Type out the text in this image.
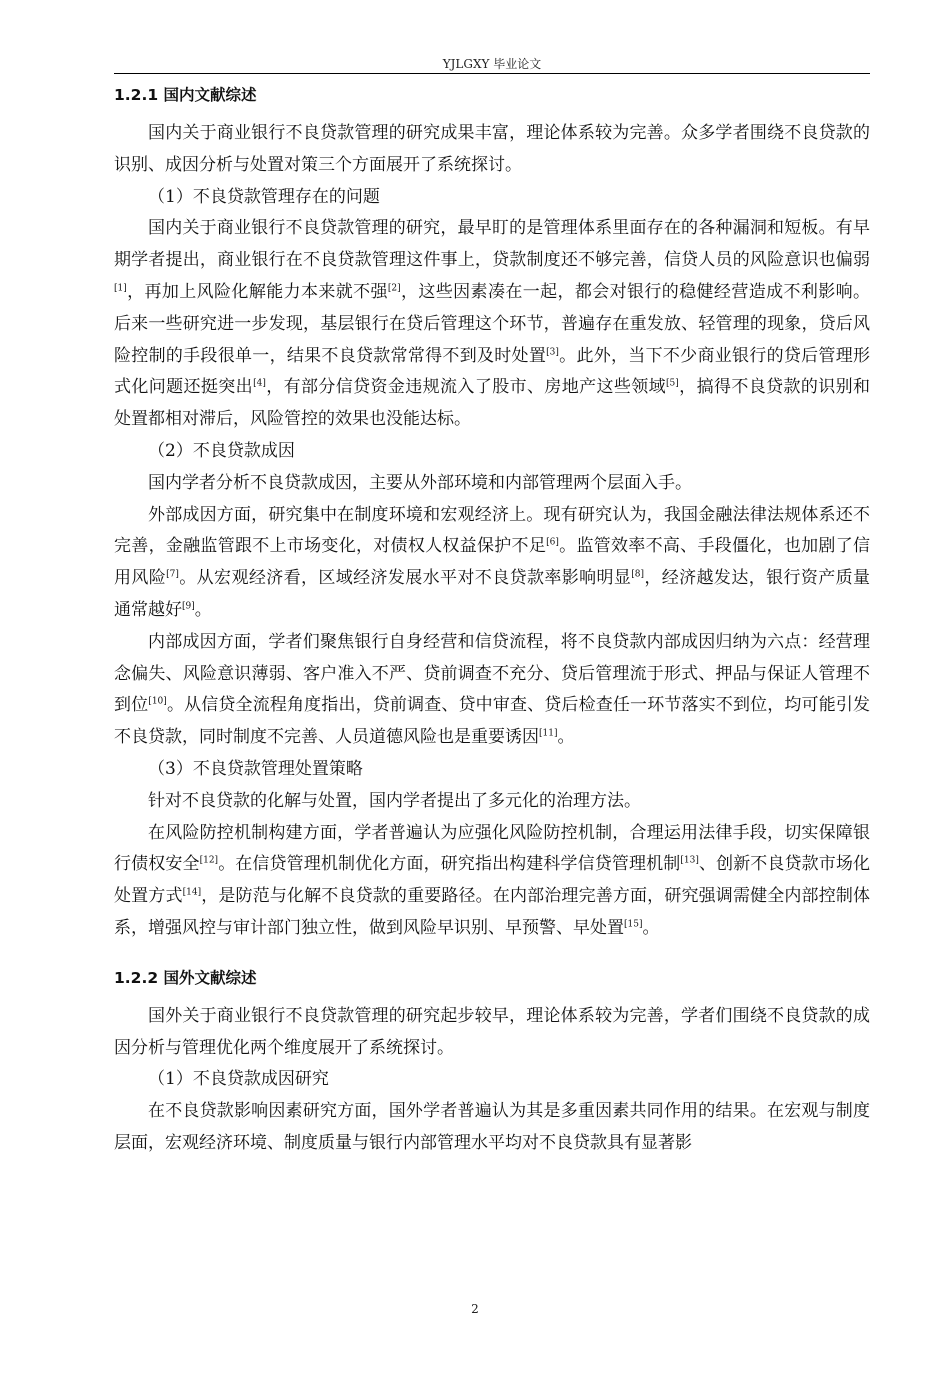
YJLGXY 毕业论文
1.2.1 国内文献综述

国内关于商业银行不良贷款管理的研究成果丰富，理论体系较为完善。众多学者围绕不良贷款的识别、成因分析与处置对策三个方面展开了系统探讨。

（1）不良贷款管理存在的问题

国内关于商业银行不良贷款管理的研究，最早盯的是管理体系里面存在的各种漏洞和短板。有早期学者提出，商业银行在不良贷款管理这件事上，贷款制度还不够完善，信贷人员的风险意识也偏弱[1]，再加上风险化解能力本来就不强[2]，这些因素凑在一起，都会对银行的稳健经营造成不利影响。后来一些研究进一步发现，基层银行在贷后管理这个环节，普遍存在重发放、轻管理的现象，贷后风险控制的手段很单一，结果不良贷款常常得不到及时处置[3]。此外，当下不少商业银行的贷后管理形式化问题还挺突出[4]，有部分信贷资金违规流入了股市、房地产这些领域[5]，搞得不良贷款的识别和处置都相对滞后，风险管控的效果也没能达标。

（2）不良贷款成因

国内学者分析不良贷款成因，主要从外部环境和内部管理两个层面入手。

外部成因方面，研究集中在制度环境和宏观经济上。现有研究认为，我国金融法律法规体系还不完善，金融监管跟不上市场变化，对债权人权益保护不足[6]。监管效率不高、手段僵化，也加剧了信用风险[7]。从宏观经济看，区域经济发展水平对不良贷款率影响明显[8]，经济越发达，银行资产质量通常越好[9]。

内部成因方面，学者们聚焦银行自身经营和信贷流程，将不良贷款内部成因归纳为六点：经营理念偏失、风险意识薄弱、客户准入不严、贷前调查不充分、贷后管理流于形式、押品与保证人管理不到位[10]。从信贷全流程角度指出，贷前调查、贷中审查、贷后检查任一环节落实不到位，均可能引发不良贷款，同时制度不完善、人员道德风险也是重要诱因[11]。

（3）不良贷款管理处置策略

针对不良贷款的化解与处置，国内学者提出了多元化的治理方法。

在风险防控机制构建方面，学者普遍认为应强化风险防控机制，合理运用法律手段，切实保障银行债权安全[12]。在信贷管理机制优化方面，研究指出构建科学信贷管理机制[13]、创新不良贷款市场化处置方式[14]，是防范与化解不良贷款的重要路径。在内部治理完善方面，研究强调需健全内部控制体系，增强风控与审计部门独立性，做到风险早识别、早预警、早处置[15]。

1.2.2 国外文献综述

国外关于商业银行不良贷款管理的研究起步较早，理论体系较为完善，学者们围绕不良贷款的成因分析与管理优化两个维度展开了系统探讨。

（1）不良贷款成因研究

在不良贷款影响因素研究方面，国外学者普遍认为其是多重因素共同作用的结果。在宏观与制度层面，宏观经济环境、制度质量与银行内部管理水平均对不良贷款具有显著影

2
